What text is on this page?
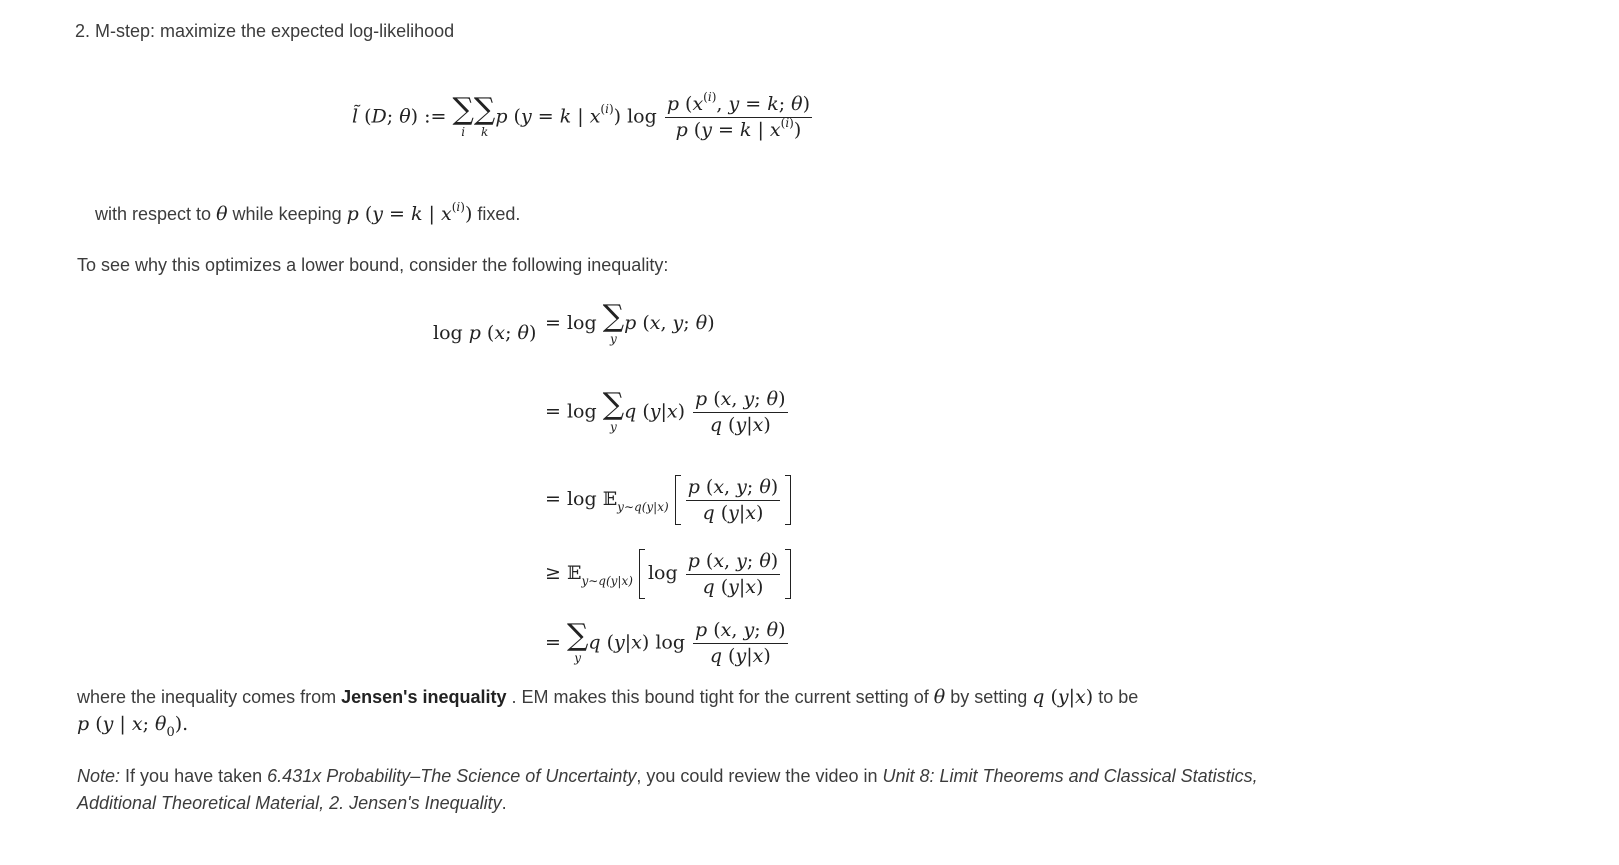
2. M-step: maximize the expected log-likelihood
l̃ (D; θ) := ∑
i
∑
k
p (y = k | $x^{(i)}$) $\log \frac{p (x^{(i)}, y = k; \theta)}{p (y = k | x^{(i)})}$
with respect to θ while keeping p (y = k | $x^{(i)}$) fixed.
To see why this optimizes a lower bound, consider the following inequality:
log p (x; θ) = log ∑
y
p (x, y; θ)
= log ∑
y
q $(y|x) \frac{p (x, y; \theta)}{q (y|x)}$
= log 𝔼$_{y\sim q(y|x)}$ $\frac{p (x, y; \theta)}{q (y|x)}$
≥ 𝔼$_{y\sim q(y|x)}$ $\log \frac{p (x, y; \theta)}{q (y|x)}$
= ∑
y
q (y|x) $\log \frac{p (x, y; \theta)}{q (y|x)}$
where the inequality comes from Jensen's inequality . EM makes this bound tight for the current setting of θ by setting q (y|x) to be
p (y | x; $\theta_0$).
Note: If you have taken 6.431x Probability–The Science of Uncertainty, you could review the video in Unit 8: Limit Theorems and Classical Statistics,
Additional Theoretical Material, 2. Jensen's Inequality.
